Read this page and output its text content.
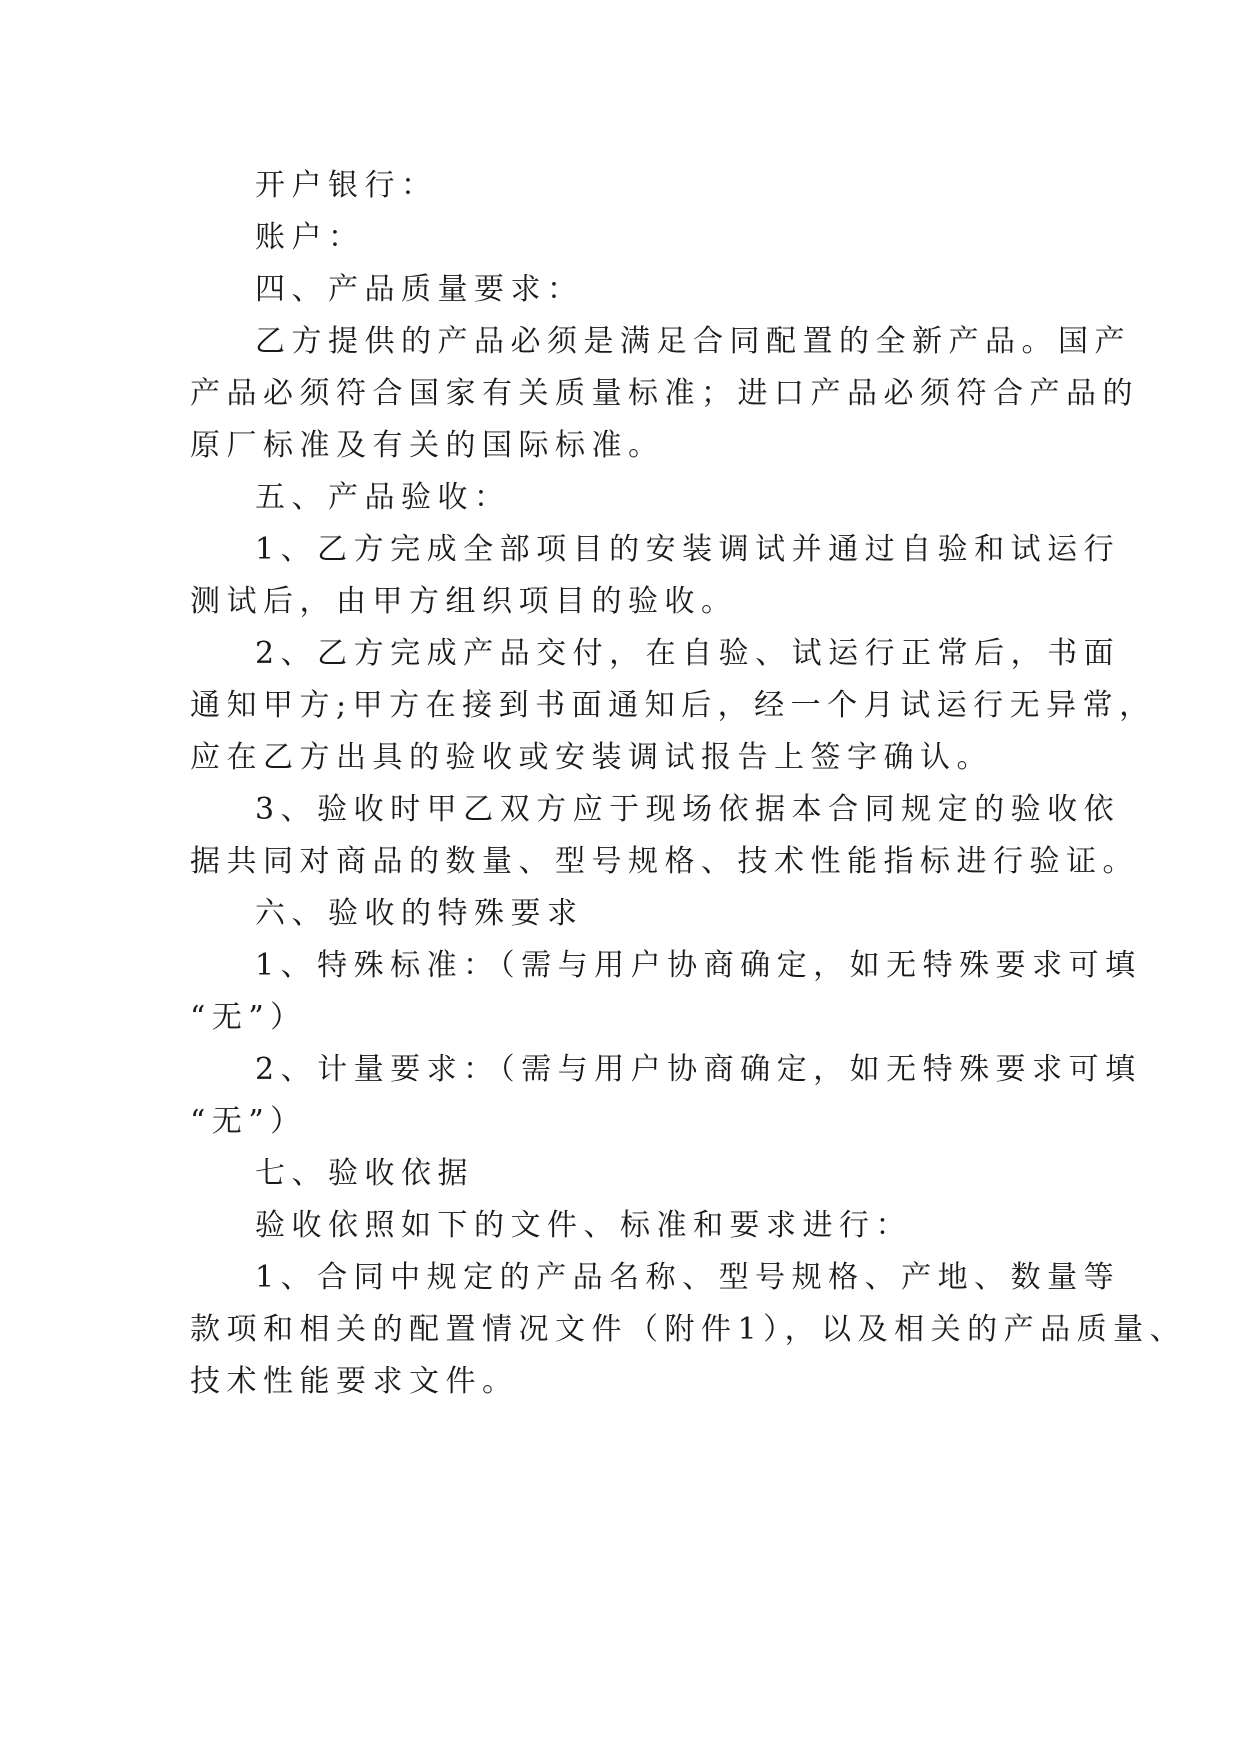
开户银行：
账户：
四、产品质量要求：
乙方提供的产品必须是满足合同配置的全新产品。国产
产品必须符合国家有关质量标准；进口产品必须符合产品的
原厂标准及有关的国际标准。
五、产品验收：
1、乙方完成全部项目的安装调试并通过自验和试运行
测试后，由甲方组织项目的验收。
2、乙方完成产品交付，在自验、试运行正常后，书面
通知甲方;甲方在接到书面通知后，经一个月试运行无异常，
应在乙方出具的验收或安装调试报告上签字确认。
3、验收时甲乙双方应于现场依据本合同规定的验收依
据共同对商品的数量、型号规格、技术性能指标进行验证。
六、验收的特殊要求
1、特殊标准：（需与用户协商确定，如无特殊要求可填
“无”）
2、计量要求：（需与用户协商确定，如无特殊要求可填
“无”）
七、验收依据
验收依照如下的文件、标准和要求进行：
1、合同中规定的产品名称、型号规格、产地、数量等
款项和相关的配置情况文件（附件1），以及相关的产品质量、
技术性能要求文件。
